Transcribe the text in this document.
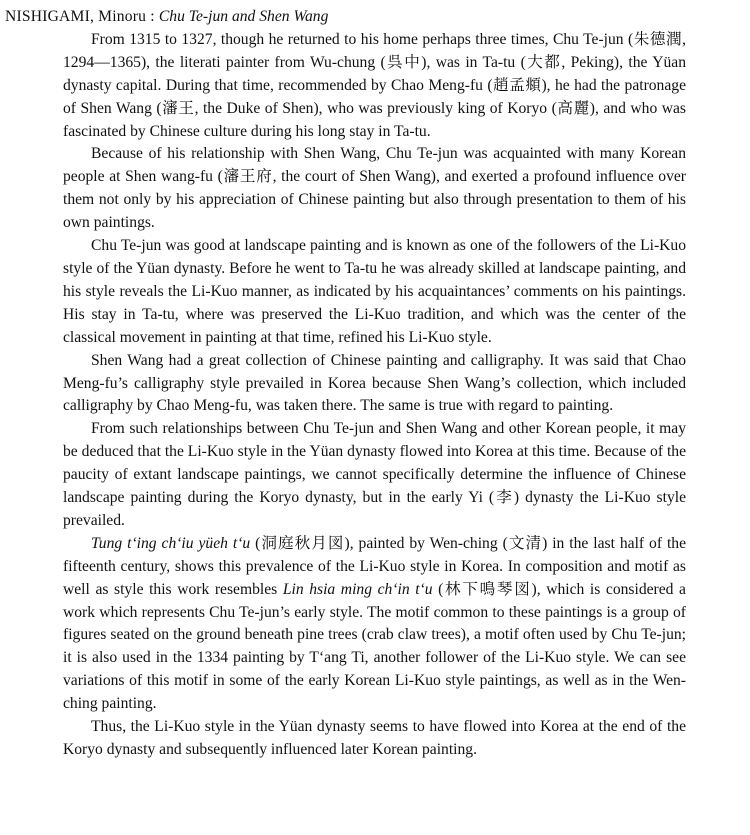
NISHIGAMI, Minoru : Chu Te-jun and Shen Wang

From 1315 to 1327, though he returned to his home perhaps three times, Chu Te-jun (朱德潤, 1294—1365), the literati painter from Wu-chung (呉中), was in Ta-tu (大都, Peking), the Yüan dynasty capital. During that time, recommended by Chao Meng-fu (趙孟頫), he had the patronage of Shen Wang (瀋王, the Duke of Shen), who was previously king of Koryo (高麗), and who was fascinated by Chinese culture during his long stay in Ta-tu.

Because of his relationship with Shen Wang, Chu Te-jun was acquainted with many Korean people at Shen wang-fu (瀋王府, the court of Shen Wang), and exerted a profound influence over them not only by his appreciation of Chinese painting but also through presentation to them of his own paintings.

Chu Te-jun was good at landscape painting and is known as one of the followers of the Li-Kuo style of the Yüan dynasty. Before he went to Ta-tu he was already skilled at landscape painting, and his style reveals the Li-Kuo manner, as indicated by his acquaintances’ comments on his paintings. His stay in Ta-tu, where was preserved the Li-Kuo tradition, and which was the center of the classical movement in painting at that time, refined his Li-Kuo style.

Shen Wang had a great collection of Chinese painting and calligraphy. It was said that Chao Meng-fu’s calligraphy style prevailed in Korea because Shen Wang’s collection, which included calligraphy by Chao Meng-fu, was taken there. The same is true with regard to painting.

From such relationships between Chu Te-jun and Shen Wang and other Korean people, it may be deduced that the Li-Kuo style in the Yüan dynasty flowed into Korea at this time. Because of the paucity of extant landscape paintings, we cannot specifically determine the influence of Chinese landscape painting during the Koryo dynasty, but in the early Yi (李) dynasty the Li-Kuo style prevailed.

Tung t‘ing ch‘iu yüeh t‘u (洞庭秋月図), painted by Wen-ching (文清) in the last half of the fifteenth century, shows this prevalence of the Li-Kuo style in Korea. In composition and motif as well as style this work resembles Lin hsia ming ch‘in t‘u (林下鳴琴図), which is considered a work which represents Chu Te-jun’s early style. The motif common to these paintings is a group of figures seated on the ground beneath pine trees (crab claw trees), a motif often used by Chu Te-jun; it is also used in the 1334 painting by T‘ang Ti, another follower of the Li-Kuo style. We can see variations of this motif in some of the early Korean Li-Kuo style paintings, as well as in the Wen-ching painting.

Thus, the Li-Kuo style in the Yüan dynasty seems to have flowed into Korea at the end of the Koryo dynasty and subsequently influenced later Korean painting.
